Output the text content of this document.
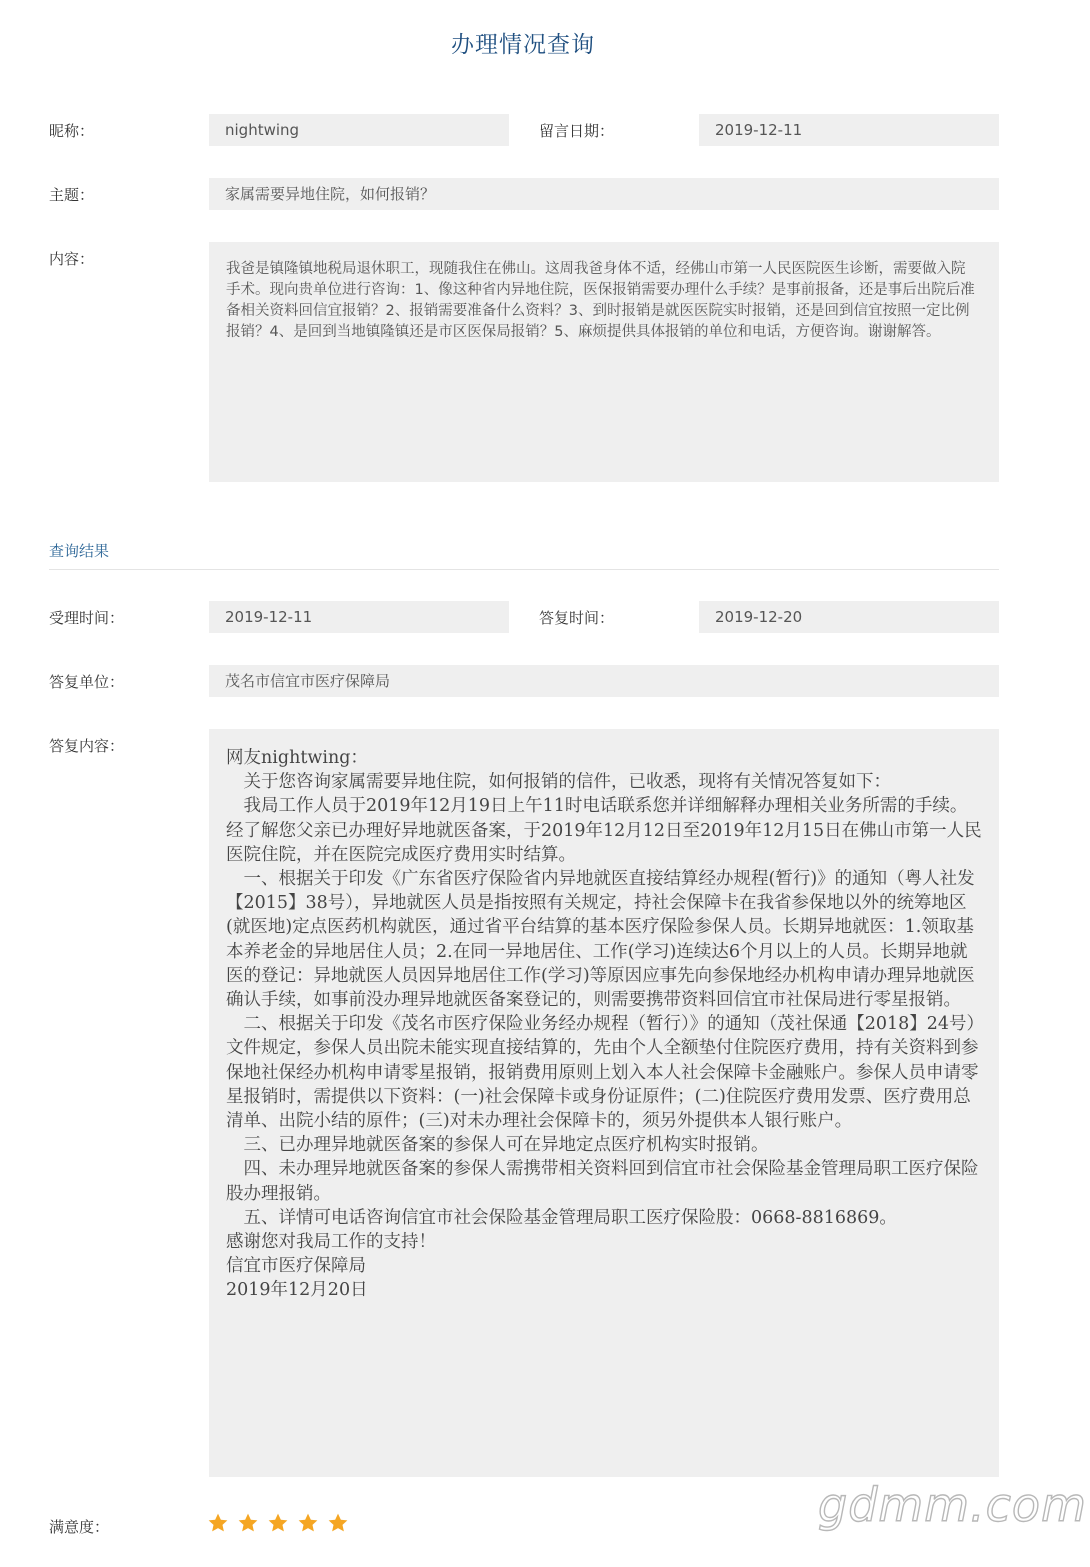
办理情况查询
昵称：	nightwing	留言日期：	2019-12-11
主题：	家属需要异地住院，如何报销？
内容：
我爸是镇隆镇地税局退休职工，现随我住在佛山。这周我爸身体不适，经佛山市第一人民医院医生诊断，需要做入院手术。现向贵单位进行咨询：1、像这种省内异地住院，医保报销需要办理什么手续？是事前报备，还是事后出院后准备相关资料回信宜报销？2、报销需要准备什么资料？3、到时报销是就医医院实时报销，还是回到信宜按照一定比例报销？4、是回到当地镇隆镇还是市区医保局报销？5、麻烦提供具体报销的单位和电话，方便咨询。谢谢解答。
查询结果
受理时间：	2019-12-11	答复时间：	2019-12-20
答复单位：	茂名市信宜市医疗保障局
答复内容：
网友nightwing：
　关于您咨询家属需要异地住院，如何报销的信件，已收悉，现将有关情况答复如下：
　我局工作人员于2019年12月19日上午11时电话联系您并详细解释办理相关业务所需的手续。经了解您父亲已办理好异地就医备案，于2019年12月12日至2019年12月15日在佛山市第一人民医院住院，并在医院完成医疗费用实时结算。
　一、根据关于印发《广东省医疗保险省内异地就医直接结算经办规程(暂行)》的通知（粤人社发【2015】38号），异地就医人员是指按照有关规定，持社会保障卡在我省参保地以外的统筹地区(就医地)定点医药机构就医，通过省平台结算的基本医疗保险参保人员。长期异地就医：1.领取基本养老金的异地居住人员；2.在同一异地居住、工作(学习)连续达6个月以上的人员。长期异地就医的登记：异地就医人员因异地居住工作(学习)等原因应事先向参保地经办机构申请办理异地就医确认手续，如事前没办理异地就医备案登记的，则需要携带资料回信宜市社保局进行零星报销。
　二、根据关于印发《茂名市医疗保险业务经办规程（暂行）》的通知（茂社保通【2018】24号）文件规定，参保人员出院未能实现直接结算的，先由个人全额垫付住院医疗费用，持有关资料到参保地社保经办机构申请零星报销，报销费用原则上划入本人社会保障卡金融账户。参保人员申请零星报销时，需提供以下资料：(一)社会保障卡或身份证原件；(二)住院医疗费用发票、医疗费用总清单、出院小结的原件；(三)对未办理社会保障卡的，须另外提供本人银行账户。
　三、已办理异地就医备案的参保人可在异地定点医疗机构实时报销。
　四、未办理异地就医备案的参保人需携带相关资料回到信宜市社会保险基金管理局职工医疗保险股办理报销。
　五、详情可电话咨询信宜市社会保险基金管理局职工医疗保险股：0668-8816869。
感谢您对我局工作的支持！
信宜市医疗保障局
2019年12月20日
满意度：	gdmm.com
